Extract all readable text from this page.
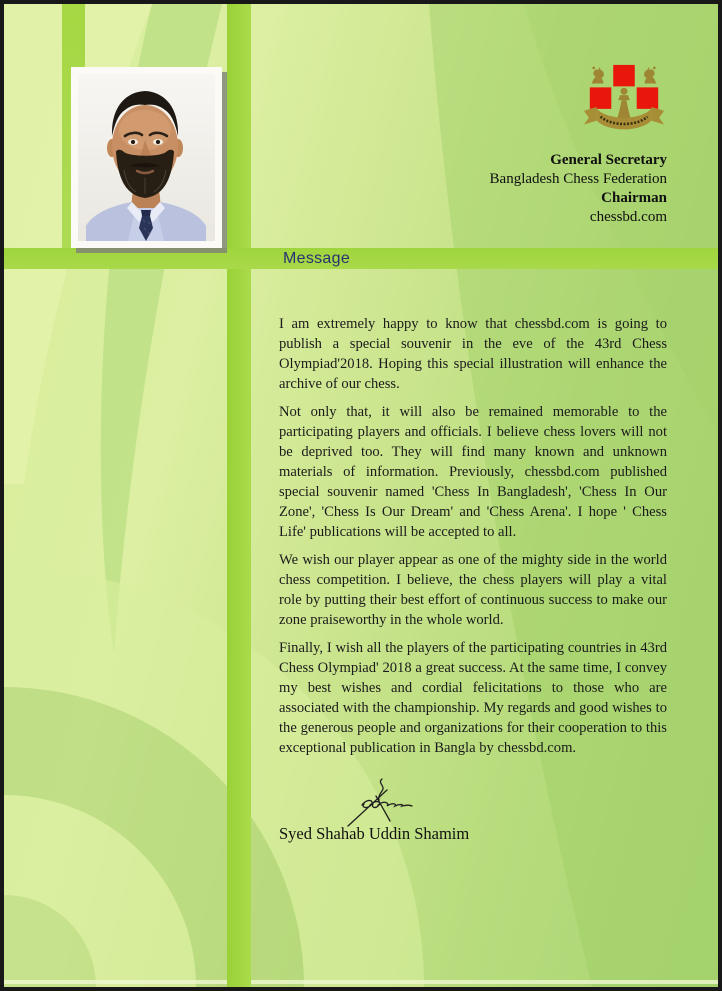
Message
General Secretary
Bangladesh Chess Federation
Chairman
chessbd.com

I am extremely happy to know that chessbd.com is going to publish a special souvenir in the eve of the 43rd Chess Olympiad'2018. Hoping this special illustration will enhance the archive of our chess.

Not only that, it will also be remained memorable to the participating players and officials. I believe chess lovers will not be deprived too. They will find many known and unknown materials of information. Previously, chessbd.com published special souvenir named 'Chess In Bangladesh', 'Chess In Our Zone', 'Chess Is Our Dream' and 'Chess Arena'. I hope ' Chess Life' publications will be accepted to all.

We wish our player appear as one of the mighty side in the world chess competition. I believe, the chess players will play a vital role by putting their best effort of continuous success to make our zone praiseworthy in the whole world.

Finally, I wish all the players of the participating countries in 43rd Chess Olympiad' 2018 a great success. At the same time, I convey my best wishes and cordial felicitations to those who are associated with the championship. My regards and good wishes to the generous people and organizations for their cooperation to this exceptional publication in Bangla by chessbd.com.

Syed Shahab Uddin Shamim
